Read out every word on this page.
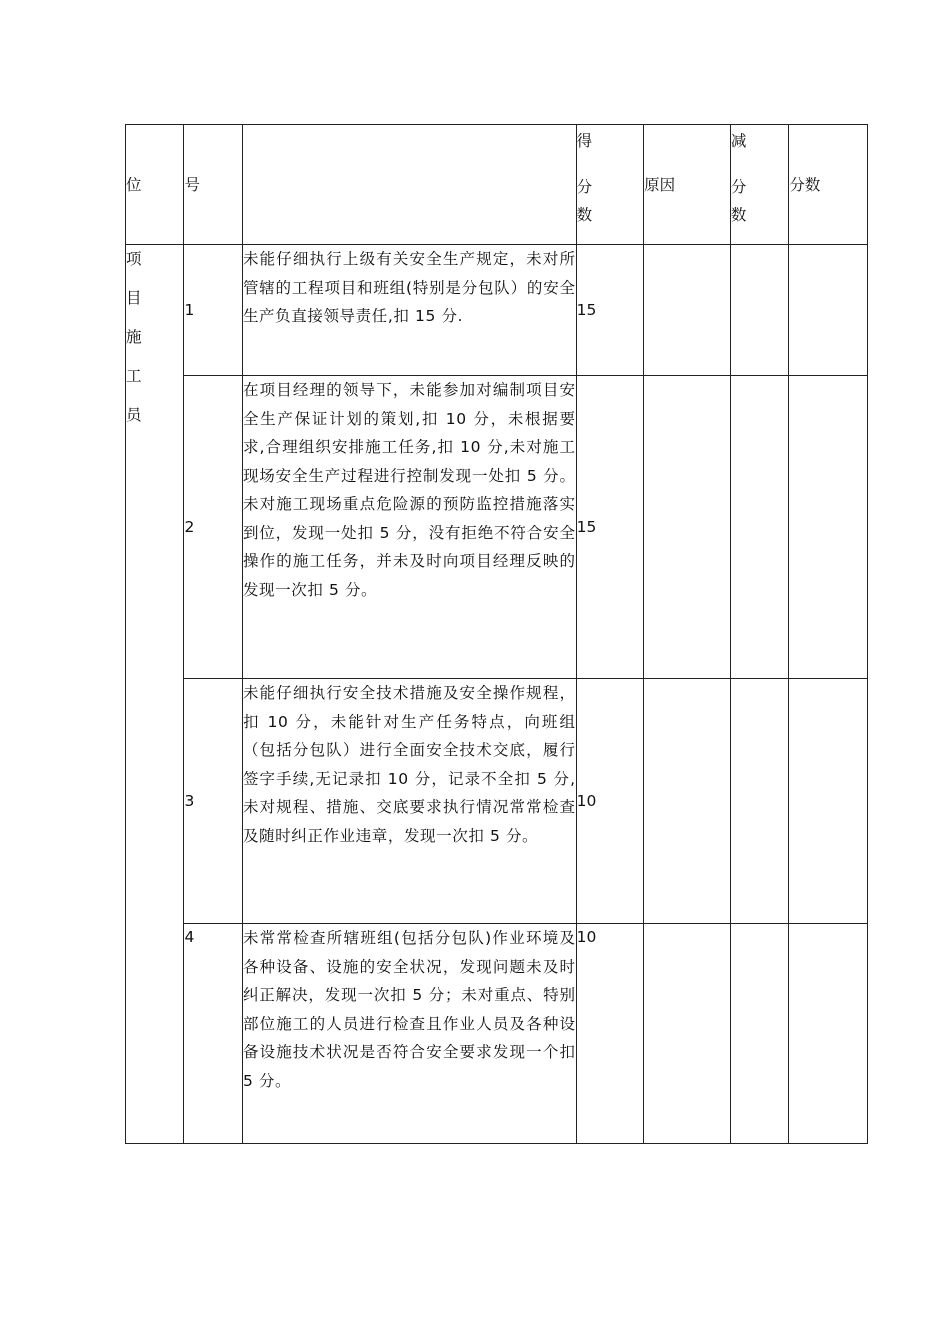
位	号		得
分
数	原因	减
分
数	分数

项
目
施
工
员	1	未能仔细执行上级有关安全生产规定，未对所管辖的工程项目和班组(特别是分包队）的安全生产负直接领导责任,扣 15 分.	15			
	2	在项目经理的领导下，未能参加对编制项目安全生产保证计划的策划,扣 10 分，未根据要求,合理组织安排施工任务,扣 10 分,未对施工现场安全生产过程进行控制发现一处扣 5 分。未对施工现场重点危险源的预防监控措施落实到位，发现一处扣 5 分，没有拒绝不符合安全操作的施工任务，并未及时向项目经理反映的发现一次扣 5 分。	15			
	3	未能仔细执行安全技术措施及安全操作规程，扣 10 分，未能针对生产任务特点，向班组（包括分包队）进行全面安全技术交底，履行签字手续,无记录扣 10 分，记录不全扣 5 分,未对规程、措施、交底要求执行情况常常检查及随时纠正作业违章，发现一次扣 5 分。	10			
	4	未常常检查所辖班组(包括分包队)作业环境及各种设备、设施的安全状况，发现问题未及时纠正解决，发现一次扣 5 分；未对重点、特别部位施工的人员进行检查且作业人员及各种设备设施技术状况是否符合安全要求发现一个扣 5 分。	10			
